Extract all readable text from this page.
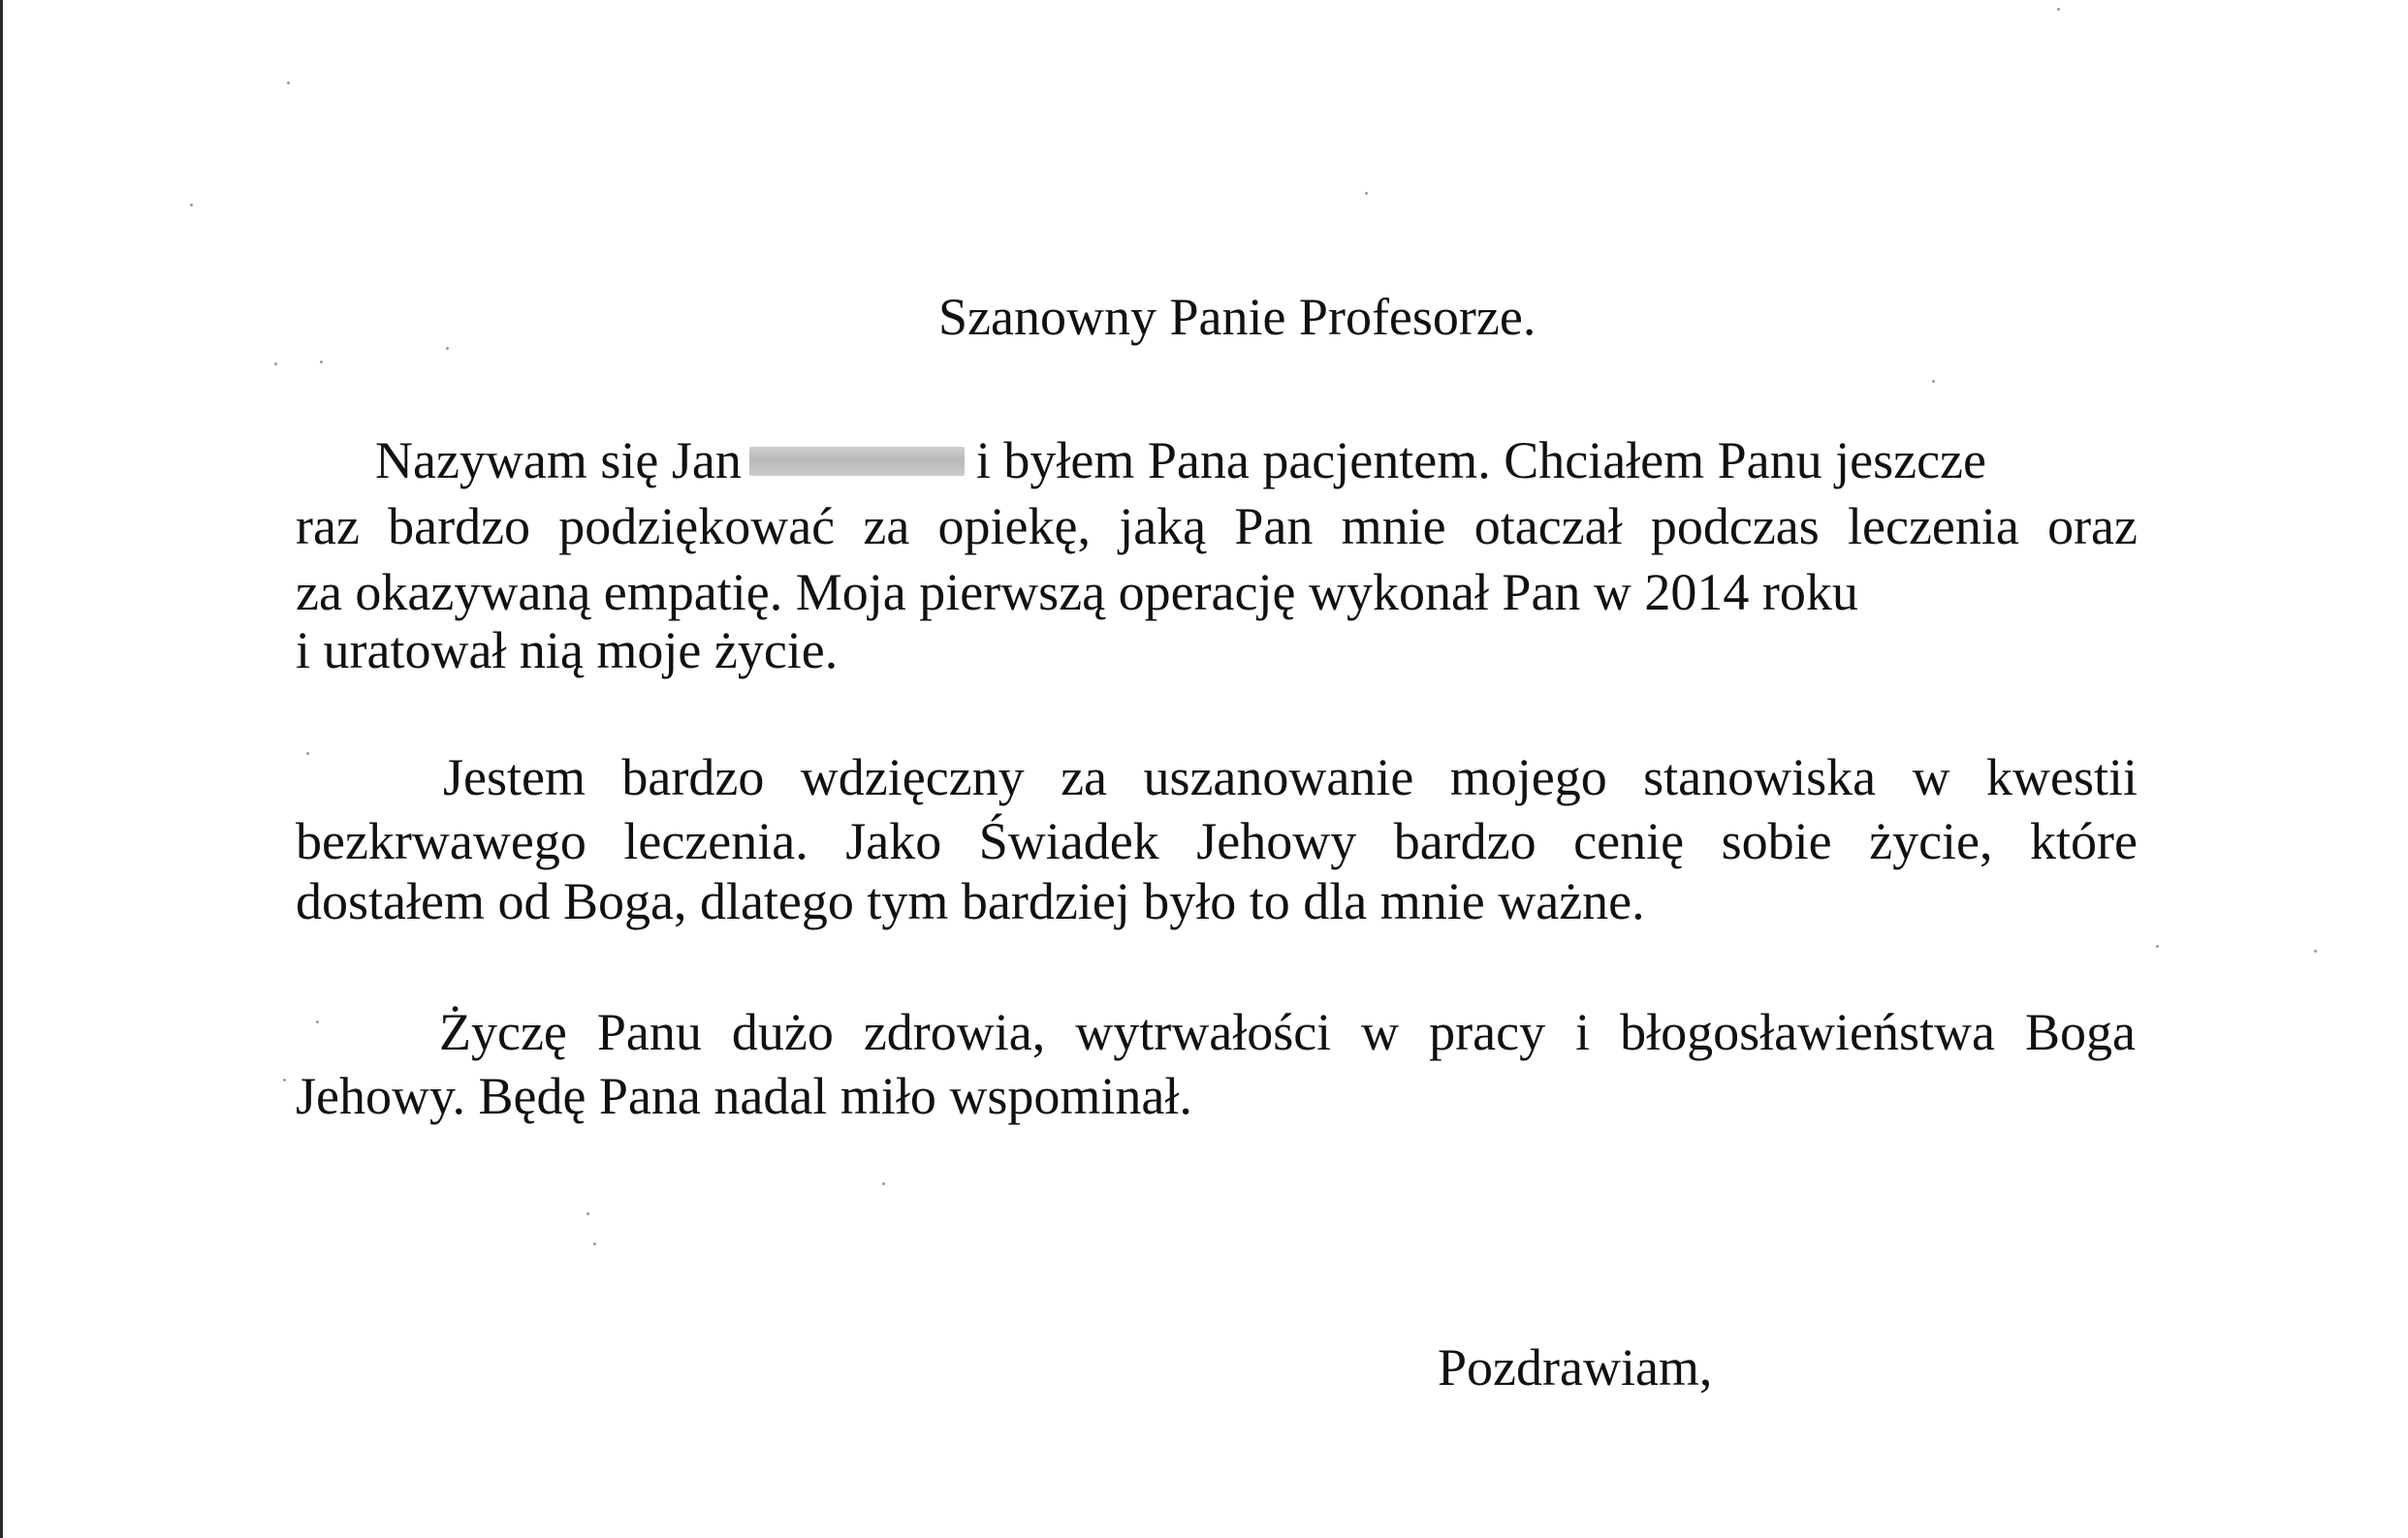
Szanowny Panie Profesorze.
Nazywam się Jan	i byłem Pana pacjentem. Chciałem Panu jeszcze
raz bardzo podziękować za opiekę, jaką Pan mnie otaczał podczas leczenia oraz
za okazywaną empatię. Moja pierwszą operację wykonał Pan w 2014 roku
i uratował nią moje życie.
Jestem bardzo wdzięczny za uszanowanie mojego stanowiska w kwestii
bezkrwawego leczenia. Jako Świadek Jehowy bardzo cenię sobie życie, które
dostałem od Boga, dlatego tym bardziej było to dla mnie ważne.
Życzę Panu dużo zdrowia, wytrwałości w pracy i błogosławieństwa Boga
Jehowy. Będę Pana nadal miło wspominał.
Pozdrawiam,
